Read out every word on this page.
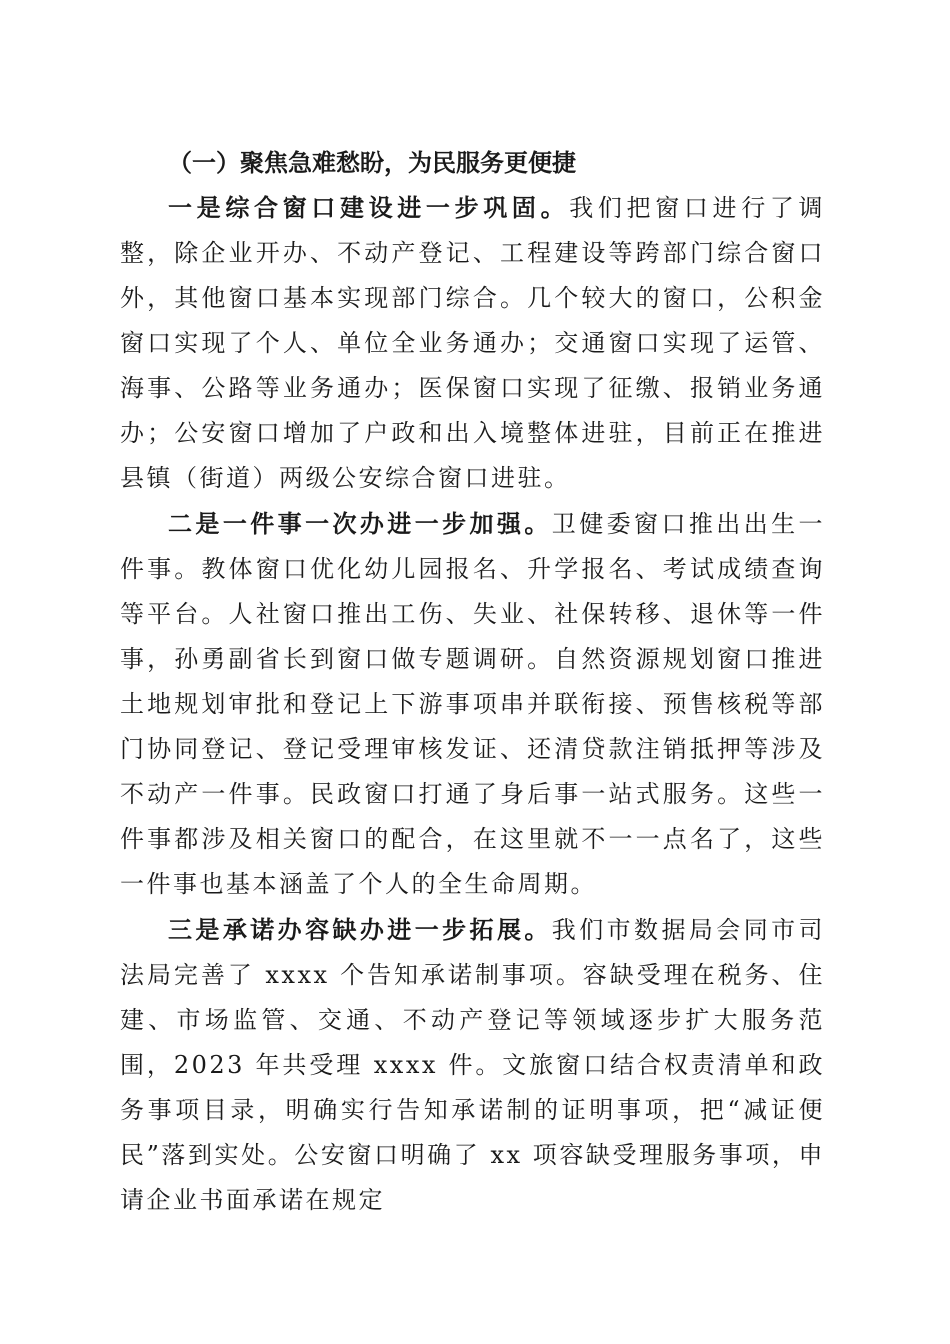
（一）聚焦急难愁盼，为民服务更便捷

一是综合窗口建设进一步巩固。我们把窗口进行了调整，除企业开办、不动产登记、工程建设等跨部门综合窗口外，其他窗口基本实现部门综合。几个较大的窗口，公积金窗口实现了个人、单位全业务通办；交通窗口实现了运管、海事、公路等业务通办；医保窗口实现了征缴、报销业务通办；公安窗口增加了户政和出入境整体进驻，目前正在推进县镇（街道）两级公安综合窗口进驻。

二是一件事一次办进一步加强。卫健委窗口推出出生一件事。教体窗口优化幼儿园报名、升学报名、考试成绩查询等平台。人社窗口推出工伤、失业、社保转移、退休等一件事，孙勇副省长到窗口做专题调研。自然资源规划窗口推进土地规划审批和登记上下游事项串并联衔接、预售核税等部门协同登记、登记受理审核发证、还清贷款注销抵押等涉及不动产一件事。民政窗口打通了身后事一站式服务。这些一件事都涉及相关窗口的配合，在这里就不一一点名了，这些一件事也基本涵盖了个人的全生命周期。

三是承诺办容缺办进一步拓展。我们市数据局会同市司法局完善了 xxxx 个告知承诺制事项。容缺受理在税务、住建、市场监管、交通、不动产登记等领域逐步扩大服务范围，2023 年共受理 xxxx 件。文旅窗口结合权责清单和政务事项目录，明确实行告知承诺制的证明事项，把“减证便民”落到实处。公安窗口明确了 xx 项容缺受理服务事项，申请企业书面承诺在规定
